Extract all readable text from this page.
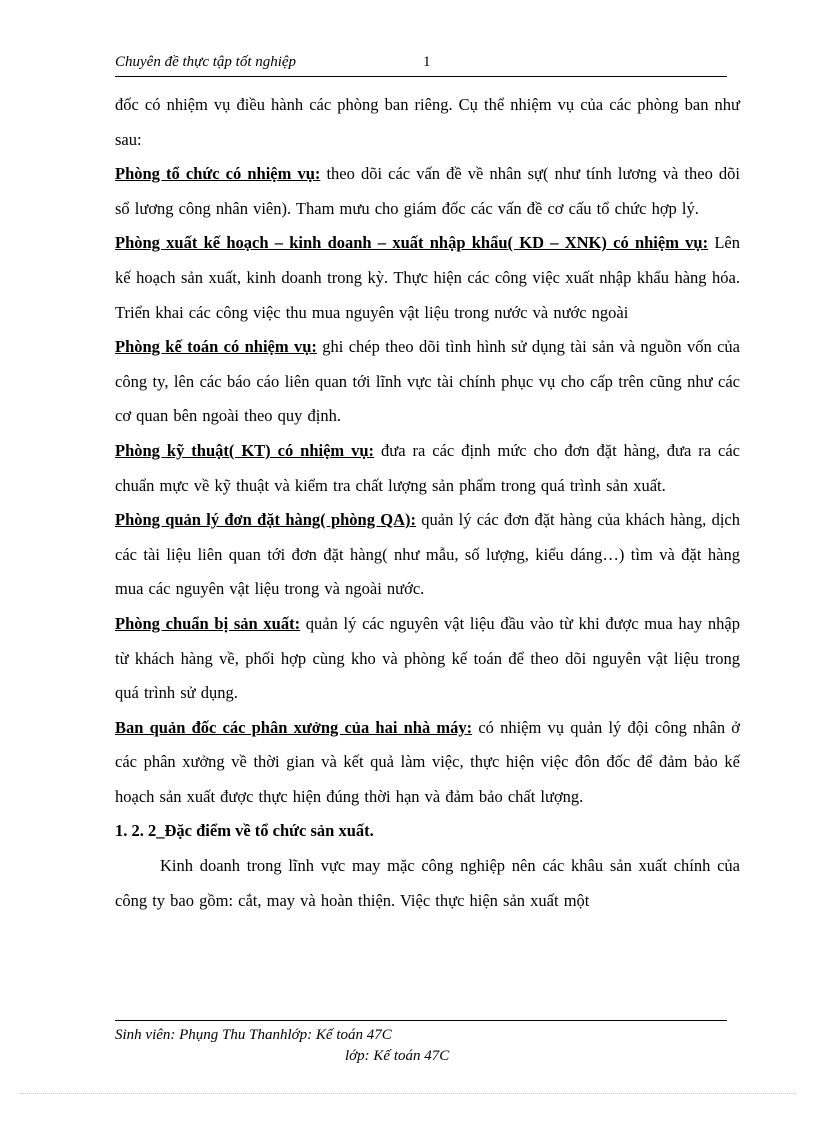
Chuyên đề thực tập tốt nghiệp	1

đốc có nhiệm vụ điều hành các phòng ban riêng. Cụ thể nhiệm vụ của các phòng ban như sau:

Phòng tổ chức có nhiệm vụ: theo dõi các vấn đề về nhân sự( như tính lương và theo dõi sổ lương công nhân viên). Tham mưu cho giám đốc các vấn đề cơ cấu tổ chức hợp lý.

Phòng xuất kế hoạch – kinh doanh – xuất nhập khẩu( KD – XNK) có nhiệm vụ: Lên kế hoạch sản xuất, kinh doanh trong kỳ. Thực hiện các công việc xuất nhập khẩu hàng hóa. Triển khai các công việc thu mua nguyên vật liệu trong nước và nước ngoài

Phòng kế toán có nhiệm vụ: ghi chép theo dõi tình hình sử dụng tài sản và nguồn vốn của công ty, lên các báo cáo liên quan tới lĩnh vực tài chính phục vụ cho cấp trên cũng như các cơ quan bên ngoài theo quy định.

Phòng kỹ thuật( KT) có nhiệm vụ: đưa ra các định mức cho đơn đặt hàng, đưa ra các chuẩn mực về kỹ thuật và kiểm tra chất lượng sản phẩm trong quá trình sản xuất.

Phòng quản lý đơn đặt hàng( phòng QA): quản lý các đơn đặt hàng của khách hàng, dịch các tài liệu liên quan tới đơn đặt hàng( như mẫu, số lượng, kiểu dáng…) tìm và đặt hàng mua các nguyên vật liệu trong và ngoài nước.

Phòng chuẩn bị sản xuất: quản lý các nguyên vật liệu đầu vào từ khi được mua hay nhập từ khách hàng về, phối hợp cùng kho và phòng kế toán để theo dõi nguyên vật liệu trong quá trình sử dụng.

Ban quản đốc các phân xưởng của hai nhà máy: có nhiệm vụ quản lý đội công nhân ở các phân xưởng về thời gian và kết quả làm việc, thực hiện việc đôn đốc để đảm bảo kế hoạch sản xuất được thực hiện đúng thời hạn và đảm bảo chất lượng.

1. 2. 2_Đặc điểm về tổ chức sản xuất.

Kinh doanh trong lĩnh vực may mặc công nghiệp nên các khâu sản xuất chính của công ty bao gồm: cắt, may và hoàn thiện. Việc thực hiện sản xuất một

Sinh viên: Phụng Thu Thanhlớp: Kế toán 47C
lớp: Kế toán 47C
